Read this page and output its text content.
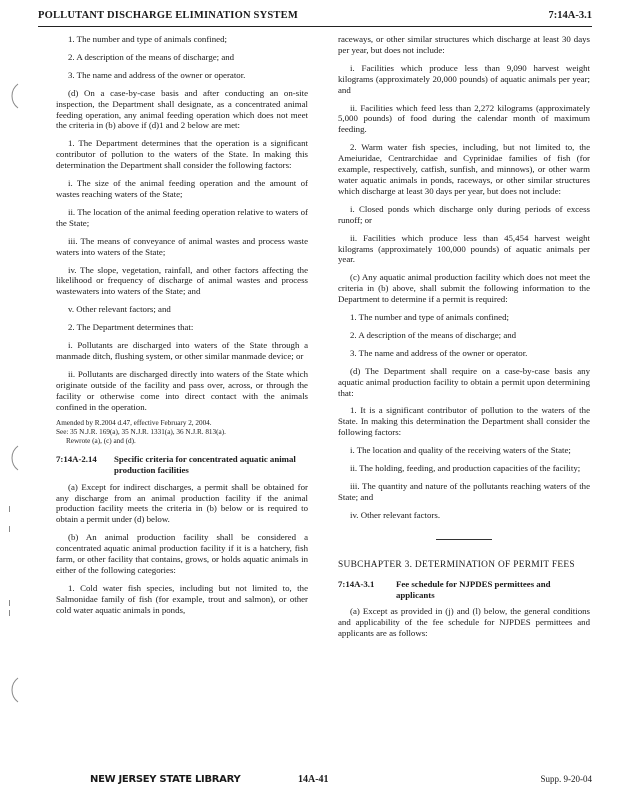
POLLUTANT DISCHARGE ELIMINATION SYSTEM	7:14A-3.1

1. The number and type of animals confined;

2. A description of the means of discharge; and

3. The name and address of the owner or operator.

(d) On a case-by-case basis and after conducting an on-site inspection, the Department shall designate, as a concentrated animal feeding operation, any animal feeding operation which does not meet the criteria in (b) above if (d)1 and 2 below are met:

1. The Department determines that the operation is a significant contributor of pollution to the waters of the State. In making this determination the Department shall consider the following factors:

i. The size of the animal feeding operation and the amount of wastes reaching waters of the State;

ii. The location of the animal feeding operation relative to waters of the State;

iii. The means of conveyance of animal wastes and process waste waters into waters of the State;

iv. The slope, vegetation, rainfall, and other factors affecting the likelihood or frequency of discharge of animal wastes and process wastewaters into waters of the State; and

v. Other relevant factors; and

2. The Department determines that:

i. Pollutants are discharged into waters of the State through a manmade ditch, flushing system, or other similar manmade device; or

ii. Pollutants are discharged directly into waters of the State which originate outside of the facility and pass over, across, or through the facility or otherwise come into direct contact with the animals confined in the operation.

Amended by R.2004 d.47, effective February 2, 2004.

See: 35 N.J.R. 169(a), 35 N.J.R. 1331(a), 36 N.J.R. 813(a).

Rewrote (a), (c) and (d).

7:14A-2.14	Specific criteria for concentrated aquatic animal production facilities

(a) Except for indirect discharges, a permit shall be obtained for any discharge from an animal production facility if the animal production facility meets the criteria in (b) below or is required to obtain a permit under (d) below.

(b) An animal production facility shall be considered a concentrated aquatic animal production facility if it is a hatchery, fish farm, or other facility that contains, grows, or holds aquatic animals in either of the following categories:

1. Cold water fish species, including but not limited to, the Salmonidae family of fish (for example, trout and salmon), or other cold water aquatic animals in ponds,

raceways, or other similar structures which discharge at least 30 days per year, but does not include:

i. Facilities which produce less than 9,090 harvest weight kilograms (approximately 20,000 pounds) of aquatic animals per year; and

ii. Facilities which feed less than 2,272 kilograms (approximately 5,000 pounds) of food during the calendar month of maximum feeding.

2. Warm water fish species, including, but not limited to, the Ameiuridae, Centrarchidae and Cyprinidae families of fish (for example, respectively, catfish, sunfish, and minnows), or other warm water aquatic animals in ponds, raceways, or other similar structures which discharge at least 30 days per year, but does not include:

i. Closed ponds which discharge only during periods of excess runoff; or

ii. Facilities which produce less than 45,454 harvest weight kilograms (approximately 100,000 pounds) of aquatic animals per year.

(c) Any aquatic animal production facility which does not meet the criteria in (b) above, shall submit the following information to the Department to determine if a permit is required:

1. The number and type of animals confined;

2. A description of the means of discharge; and

3. The name and address of the owner or operator.

(d) The Department shall require on a case-by-case basis any aquatic animal production facility to obtain a permit upon determining that:

1. It is a significant contributor of pollution to the waters of the State. In making this determination the Department shall consider the following factors:

i. The location and quality of the receiving waters of the State;

ii. The holding, feeding, and production capacities of the facility;

iii. The quantity and nature of the pollutants reaching waters of the State; and

iv. Other relevant factors.

SUBCHAPTER 3. DETERMINATION OF PERMIT FEES

7:14A-3.1	Fee schedule for NJPDES permittees and applicants

(a) Except as provided in (j) and (l) below, the general conditions and applicability of the fee schedule for NJPDES permittees and applicants are as follows:

NEW JERSEY STATE LIBRARY	14A-41	Supp. 9-20-04
